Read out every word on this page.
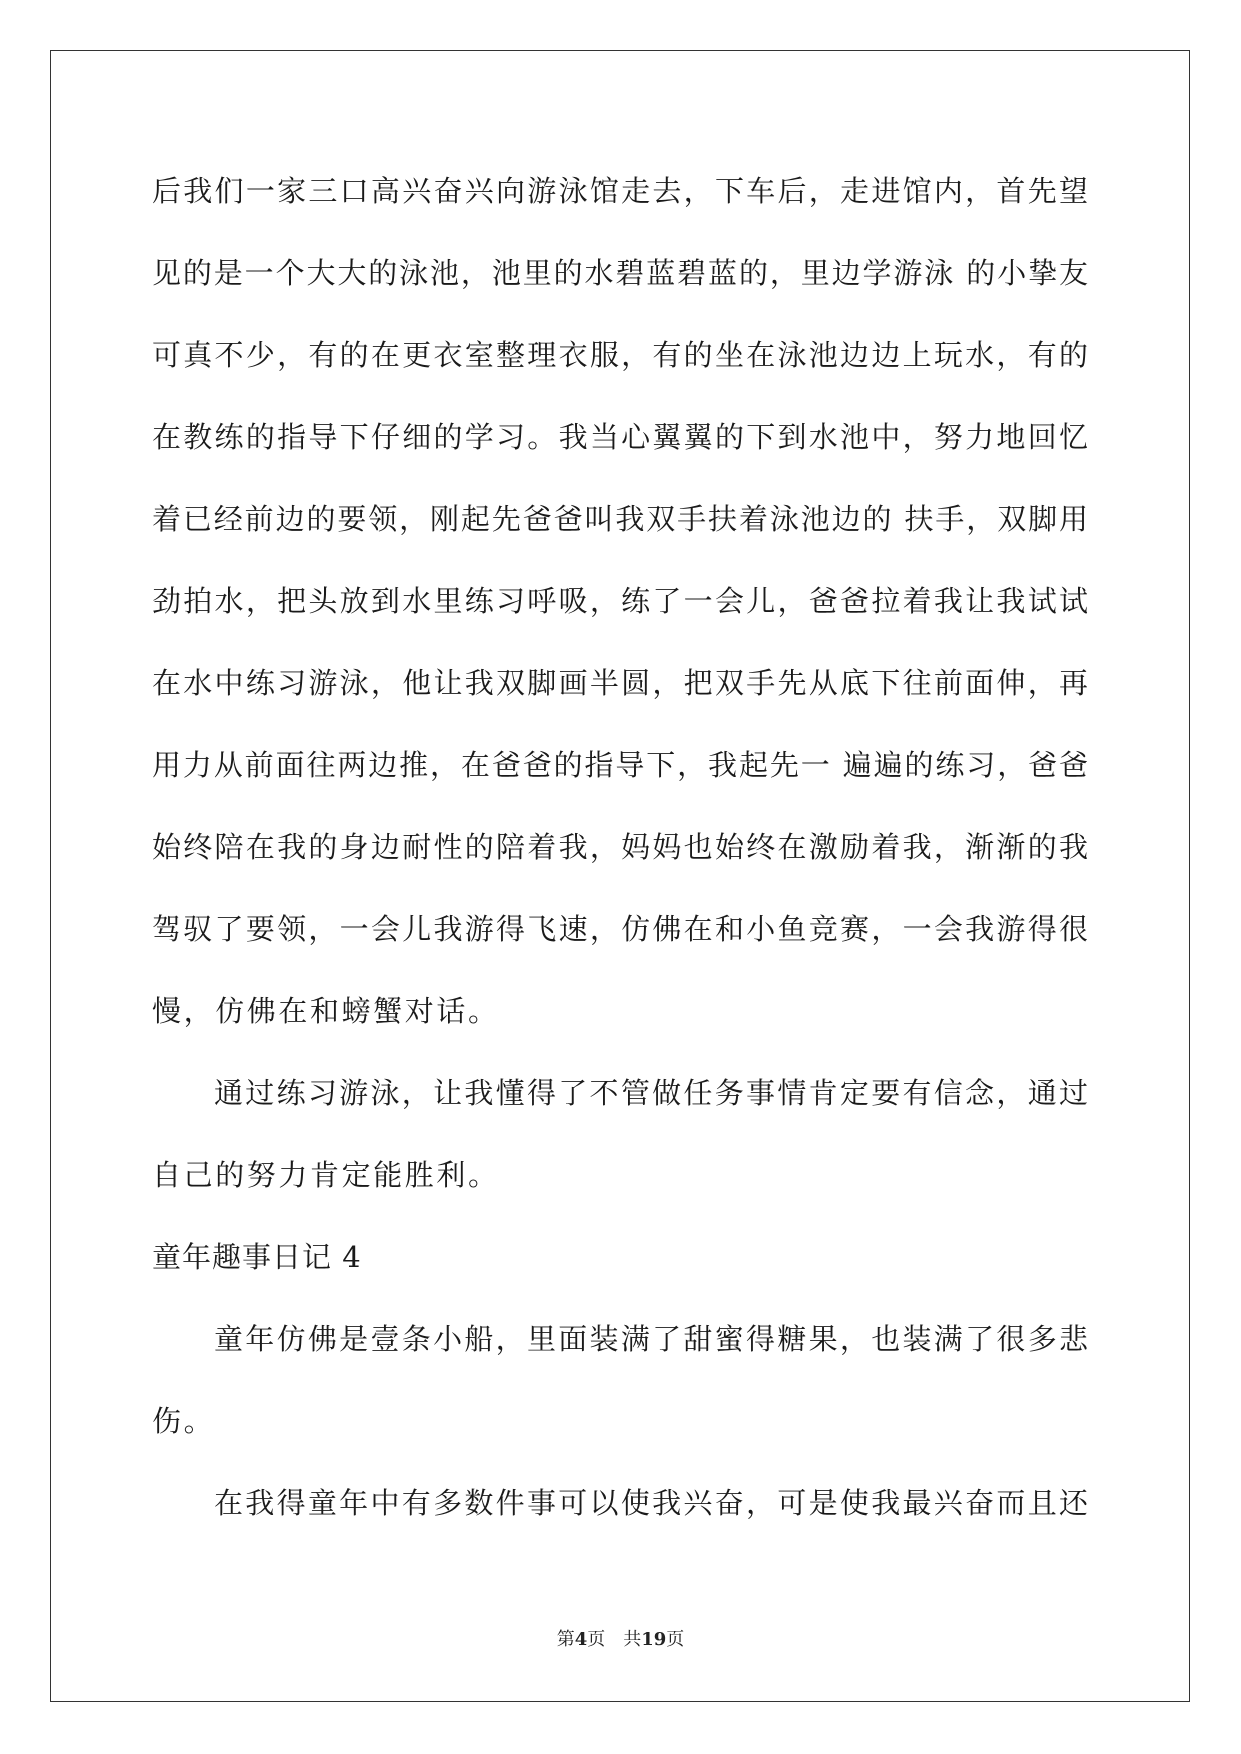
后我们一家三口高兴奋兴向游泳馆走去，下车后，走进馆内，首先望
见的是一个大大的泳池，池里的水碧蓝碧蓝的，里边学游泳 的小挚友
可真不少，有的在更衣室整理衣服，有的坐在泳池边边上玩水，有的
在教练的指导下仔细的学习。我当心翼翼的下到水池中，努力地回忆
着已经前边的要领，刚起先爸爸叫我双手扶着泳池边的 扶手，双脚用
劲拍水，把头放到水里练习呼吸，练了一会儿，爸爸拉着我让我试试
在水中练习游泳，他让我双脚画半圆，把双手先从底下往前面伸，再
用力从前面往两边推，在爸爸的指导下，我起先一 遍遍的练习，爸爸
始终陪在我的身边耐性的陪着我，妈妈也始终在激励着我，渐渐的我
驾驭了要领，一会儿我游得飞速，仿佛在和小鱼竞赛，一会我游得很
慢，仿佛在和螃蟹对话。
通过练习游泳，让我懂得了不管做任务事情肯定要有信念，通过
自己的努力肯定能胜利。
童年趣事日记 4
童年仿佛是壹条小船，里面装满了甜蜜得糖果，也装满了很多悲
伤。
在我得童年中有多数件事可以使我兴奋，可是使我最兴奋而且还
第4页 共19页
